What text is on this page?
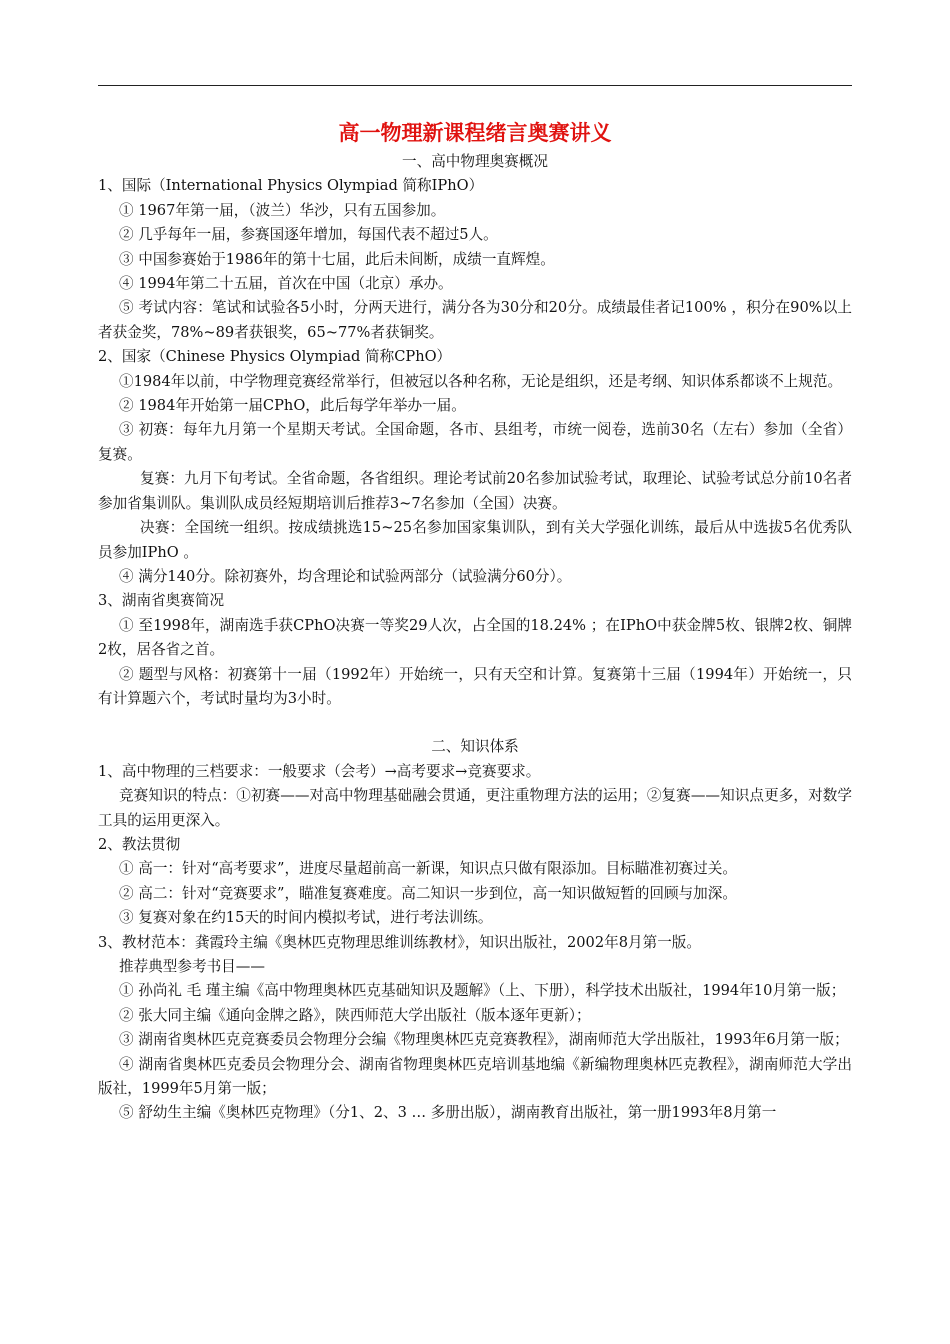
高一物理新课程绪言奥赛讲义
一、高中物理奥赛概况
1、国际（International Physics Olympiad 简称IPhO）
① 1967年第一届，（波兰）华沙，只有五国参加。
② 几乎每年一届，参赛国逐年增加，每国代表不超过5人。
③ 中国参赛始于1986年的第十七届，此后未间断，成绩一直辉煌。
④ 1994年第二十五届，首次在中国（北京）承办。
⑤ 考试内容：笔试和试验各5小时，分两天进行，满分各为30分和20分。成绩最佳者记100% ，积分在90%以上者获金奖，78%~89者获银奖，65~77%者获铜奖。
2、国家（Chinese Physics Olympiad 简称CPhO）
①1984年以前，中学物理竞赛经常举行，但被冠以各种名称，无论是组织，还是考纲、知识体系都谈不上规范。
② 1984年开始第一届CPhO，此后每学年举办一届。
③ 初赛：每年九月第一个星期天考试。全国命题，各市、县组考，市统一阅卷，选前30名（左右）参加（全省）复赛。
复赛：九月下旬考试。全省命题，各省组织。理论考试前20名参加试验考试，取理论、试验考试总分前10名者参加省集训队。集训队成员经短期培训后推荐3~7名参加（全国）决赛。
决赛：全国统一组织。按成绩挑选15~25名参加国家集训队，到有关大学强化训练，最后从中选拔5名优秀队员参加IPhO 。
④ 满分140分。除初赛外，均含理论和试验两部分（试验满分60分）。
3、湖南省奥赛简况
① 至1998年，湖南选手获CPhO决赛一等奖29人次，占全国的18.24% ；在IPhO中获金牌5枚、银牌2枚、铜牌2枚，居各省之首。
② 题型与风格：初赛第十一届（1992年）开始统一，只有天空和计算。复赛第十三届（1994年）开始统一，只有计算题六个，考试时量均为3小时。
二、知识体系
1、高中物理的三档要求：一般要求（会考）→高考要求→竞赛要求。
竞赛知识的特点：①初赛——对高中物理基础融会贯通，更注重物理方法的运用；②复赛——知识点更多，对数学工具的运用更深入。
2、教法贯彻
① 高一：针对“高考要求”，进度尽量超前高一新课，知识点只做有限添加。目标瞄准初赛过关。
② 高二：针对“竞赛要求”，瞄准复赛难度。高二知识一步到位，高一知识做短暂的回顾与加深。
③ 复赛对象在约15天的时间内模拟考试，进行考法训练。
3、教材范本：龚霞玲主编《奥林匹克物理思维训练教材》，知识出版社，2002年8月第一版。
推荐典型参考书目——
① 孙尚礼 毛 瑾主编《高中物理奥林匹克基础知识及题解》（上、下册），科学技术出版社，1994年10月第一版；
② 张大同主编《通向金牌之路》，陕西师范大学出版社（版本逐年更新）；
③ 湖南省奥林匹克竞赛委员会物理分会编《物理奥林匹克竞赛教程》，湖南师范大学出版社，1993年6月第一版；
④ 湖南省奥林匹克委员会物理分会、湖南省物理奥林匹克培训基地编《新编物理奥林匹克教程》，湖南师范大学出版社，1999年5月第一版；
⑤ 舒幼生主编《奥林匹克物理》（分1、2、3 … 多册出版），湖南教育出版社，第一册1993年8月第一
